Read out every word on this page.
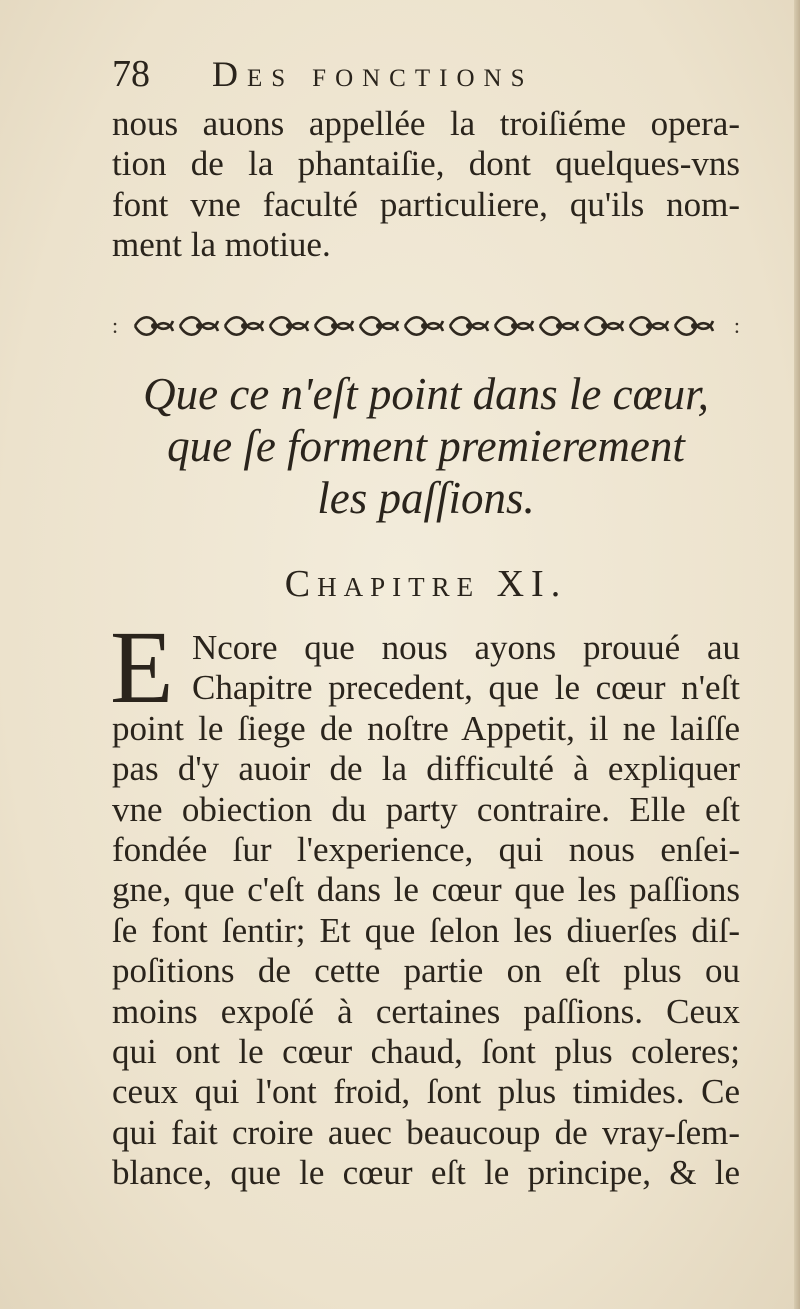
78	Des fonctions
nous auons appellée la troiſiéme opera-
tion de la phantaiſie, dont quelques-vns
font vne faculté particuliere, qu'ils nom-
ment la motiue.
:	:
Que ce n'eſt point dans le cœur,
que ſe forment premierement
les paſſions.
Chapitre XI.
E Ncore que nous ayons prouué au
Chapitre precedent, que le cœur n'eſt
point le ſiege de noſtre Appetit, il ne laiſſe
pas d'y auoir de la difficulté à expliquer
vne obiection du party contraire. Elle eſt
fondée ſur l'experience, qui nous enſei-
gne, que c'eſt dans le cœur que les paſſions
ſe font ſentir; Et que ſelon les diuerſes diſ-
poſitions de cette partie on eſt plus ou
moins expoſé à certaines paſſions. Ceux
qui ont le cœur chaud, ſont plus coleres;
ceux qui l'ont froid, ſont plus timides. Ce
qui fait croire auec beaucoup de vray-ſem-
blance, que le cœur eſt le principe, & le
